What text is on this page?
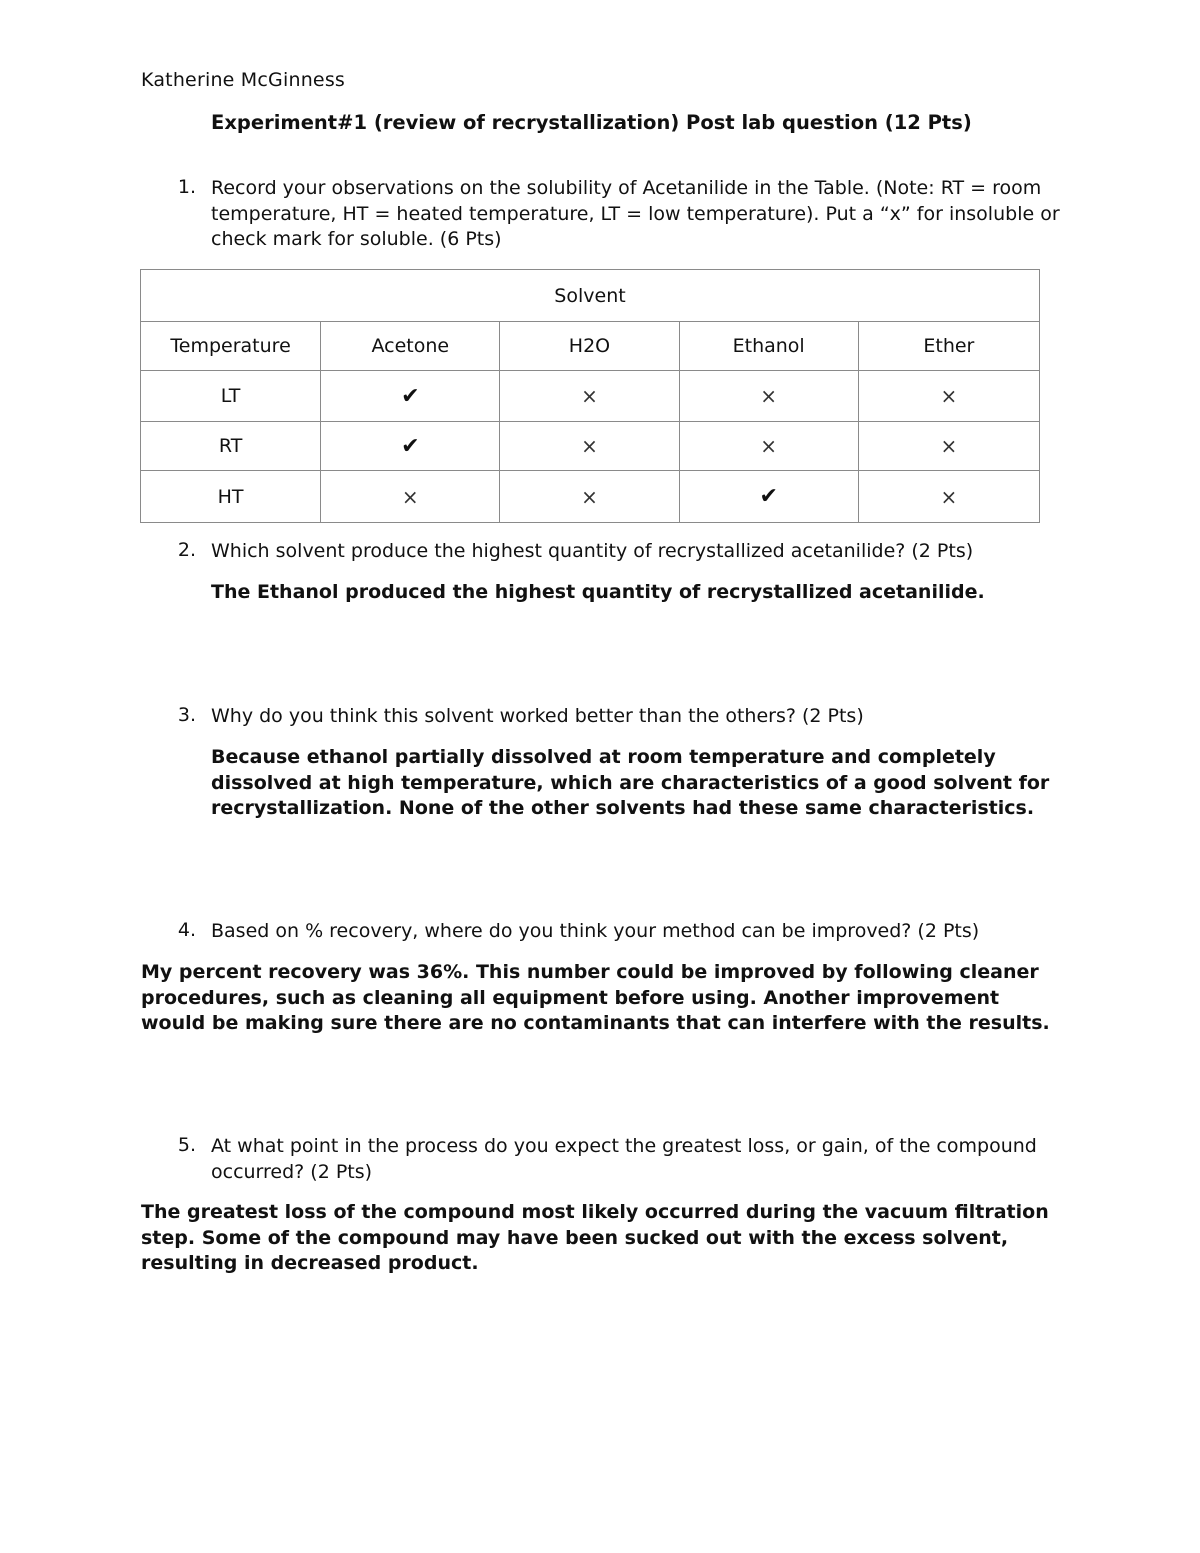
Katherine McGinness
Experiment#1 (review of recrystallization) Post lab question (12 Pts)
1. Record your observations on the solubility of Acetanilide in the Table. (Note: RT = room temperature, HT = heated temperature, LT = low temperature). Put a “x” for insoluble or check mark for soluble. (6 Pts)
Solvent				
Temperature	Acetone	H2O	Ethanol	Ether
LT	✔	×	×	×
RT	✔	×	×	×
HT	×	×	✔	×
2. Which solvent produce the highest quantity of recrystallized acetanilide? (2 Pts)
The Ethanol produced the highest quantity of recrystallized acetanilide.
3. Why do you think this solvent worked better than the others? (2 Pts)
Because ethanol partially dissolved at room temperature and completely dissolved at high temperature, which are characteristics of a good solvent for recrystallization. None of the other solvents had these same characteristics.
4. Based on % recovery, where do you think your method can be improved? (2 Pts)
My percent recovery was 36%. This number could be improved by following cleaner procedures, such as cleaning all equipment before using. Another improvement would be making sure there are no contaminants that can interfere with the results.
5. At what point in the process do you expect the greatest loss, or gain, of the compound occurred? (2 Pts)
The greatest loss of the compound most likely occurred during the vacuum filtration step. Some of the compound may have been sucked out with the excess solvent, resulting in decreased product.
